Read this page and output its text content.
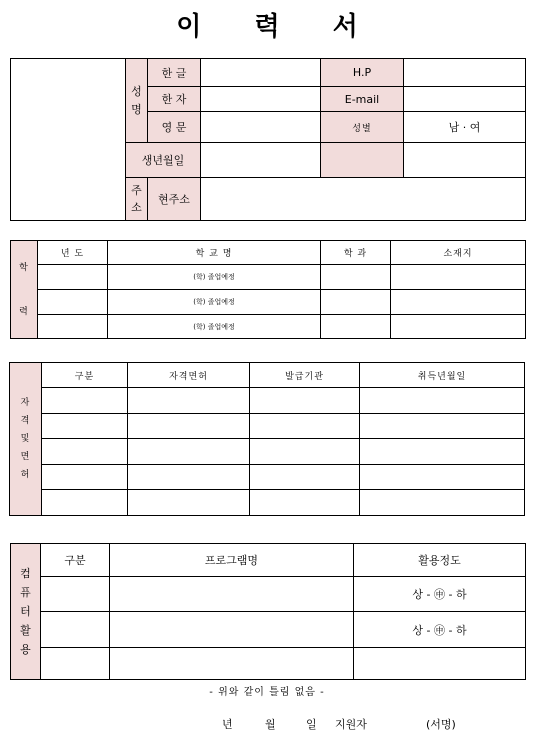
이 력 서
	성명	한 글		H.P	
		한 자		E-mail	
		영 문		성별	남 · 여
	생년월일				
	주소	현주소			
학력	년 도	학 교 명	학 과	소재지
		(학) 졸업예정		
		(학) 졸업예정		
		(학) 졸업예정		
자격및면허	구분	자격면허	발급기관	취득년월일

컴퓨터활용	구분	프로그램명	활용정도
			상 - ㊥ - 하
			상 - ㊥ - 하

- 위와 같이 틀림 없음 -
년	월	일 지원자	(서명)
